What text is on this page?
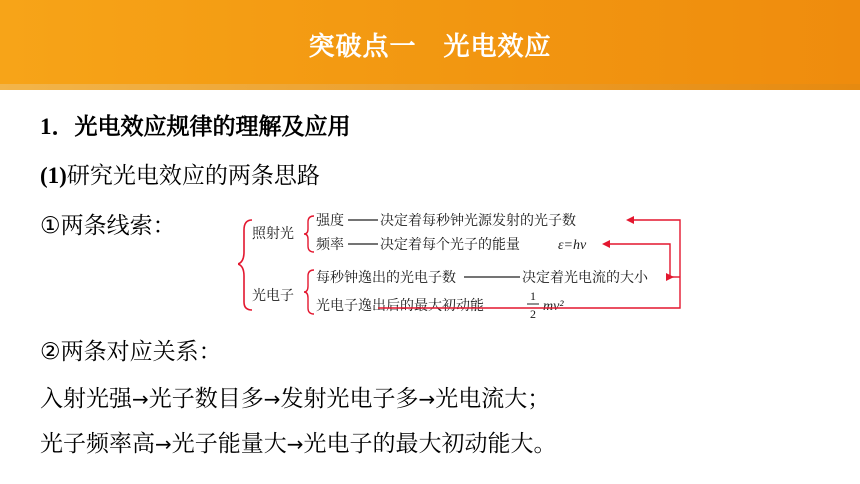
突破点一　光电效应
1．光电效应规律的理解及应用
(1)研究光电效应的两条思路
①两条线索：	照射光
光电子
强度	决定着每秒钟光源发射的光子数
频率	决定着每个光子的能量	ε=hν
每秒钟逸出的光电子数	决定着光电流的大小
光电子逸出后的最大初动能
1
2 mv²
②两条对应关系：
入射光强→光子数目多→发射光电子多→光电流大；
光子频率高→光子能量大→光电子的最大初动能大。
